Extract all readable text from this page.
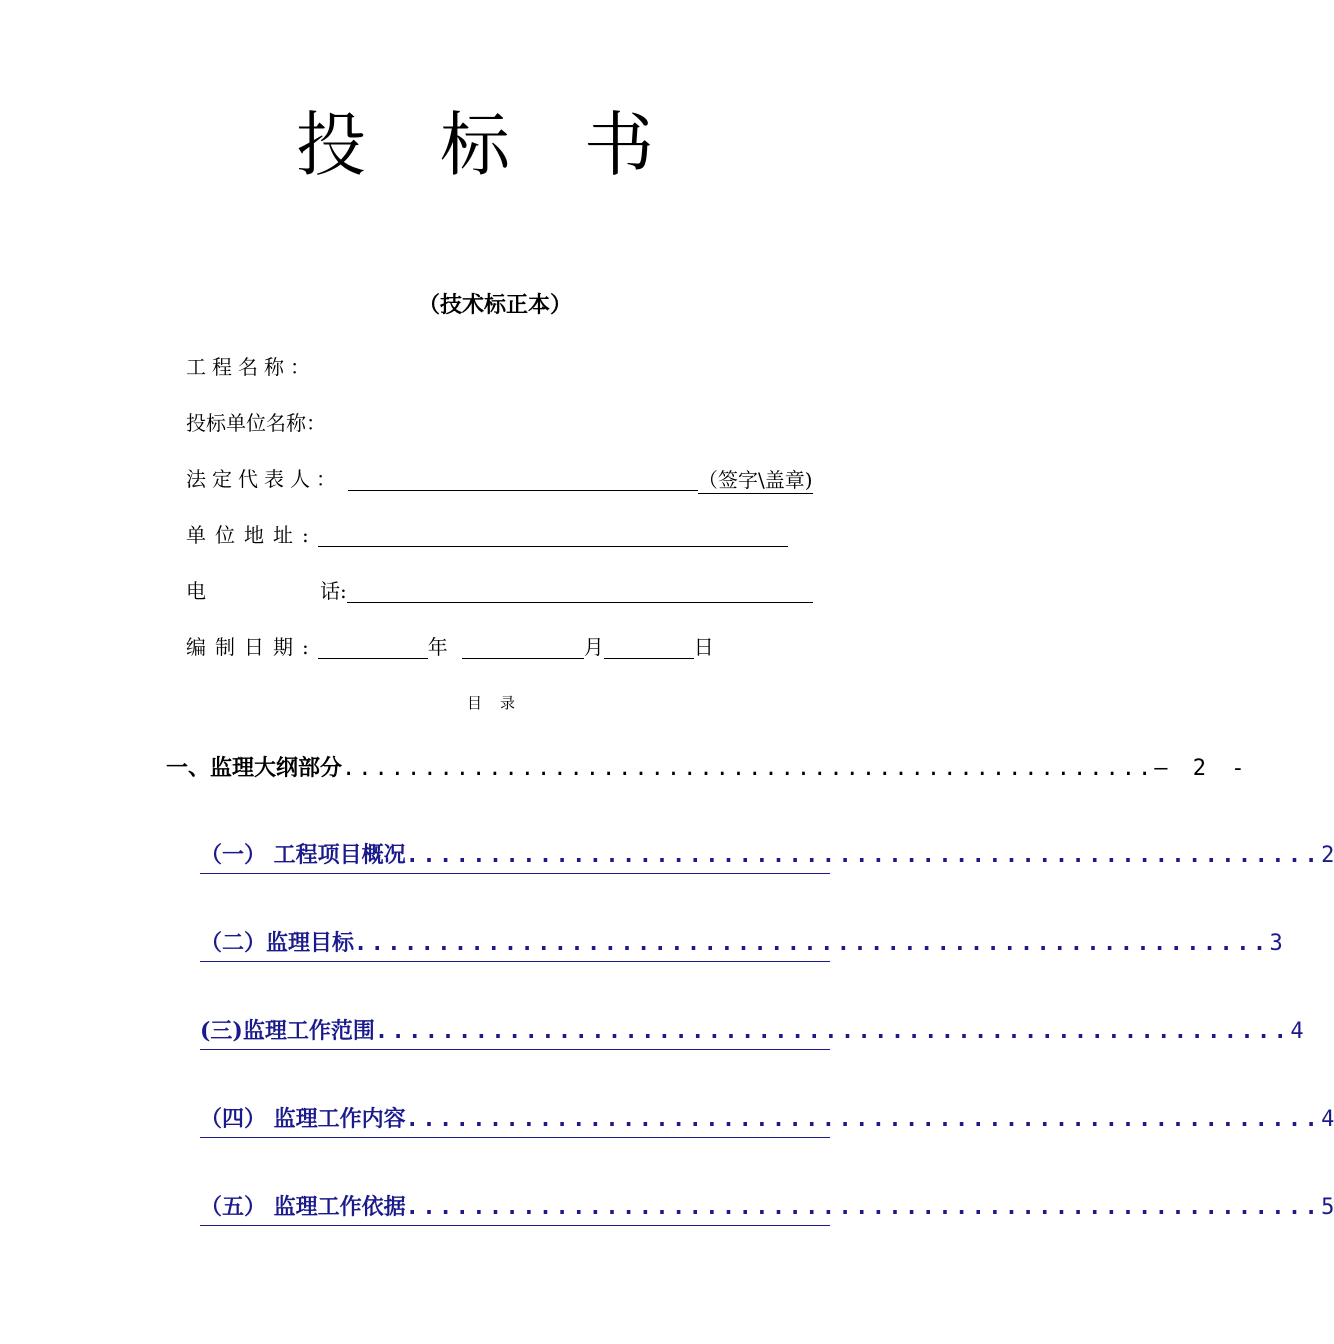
投标书
（技术标正本）
工程名称：
投标单位名称：
法定代表人：	（签字\盖章)
单位地址:
电	话:
编制日期:	年	月	日
目录
一、监理大纲部分 .................................................. — 2 -
（一） 工程项目概况 ....................................................... 2
（二）监理目标 ....................................................... 3
(三)监理工作范围 ....................................................... 4
（四） 监理工作内容 ....................................................... 4
（五） 监理工作依据 ....................................................... 5
